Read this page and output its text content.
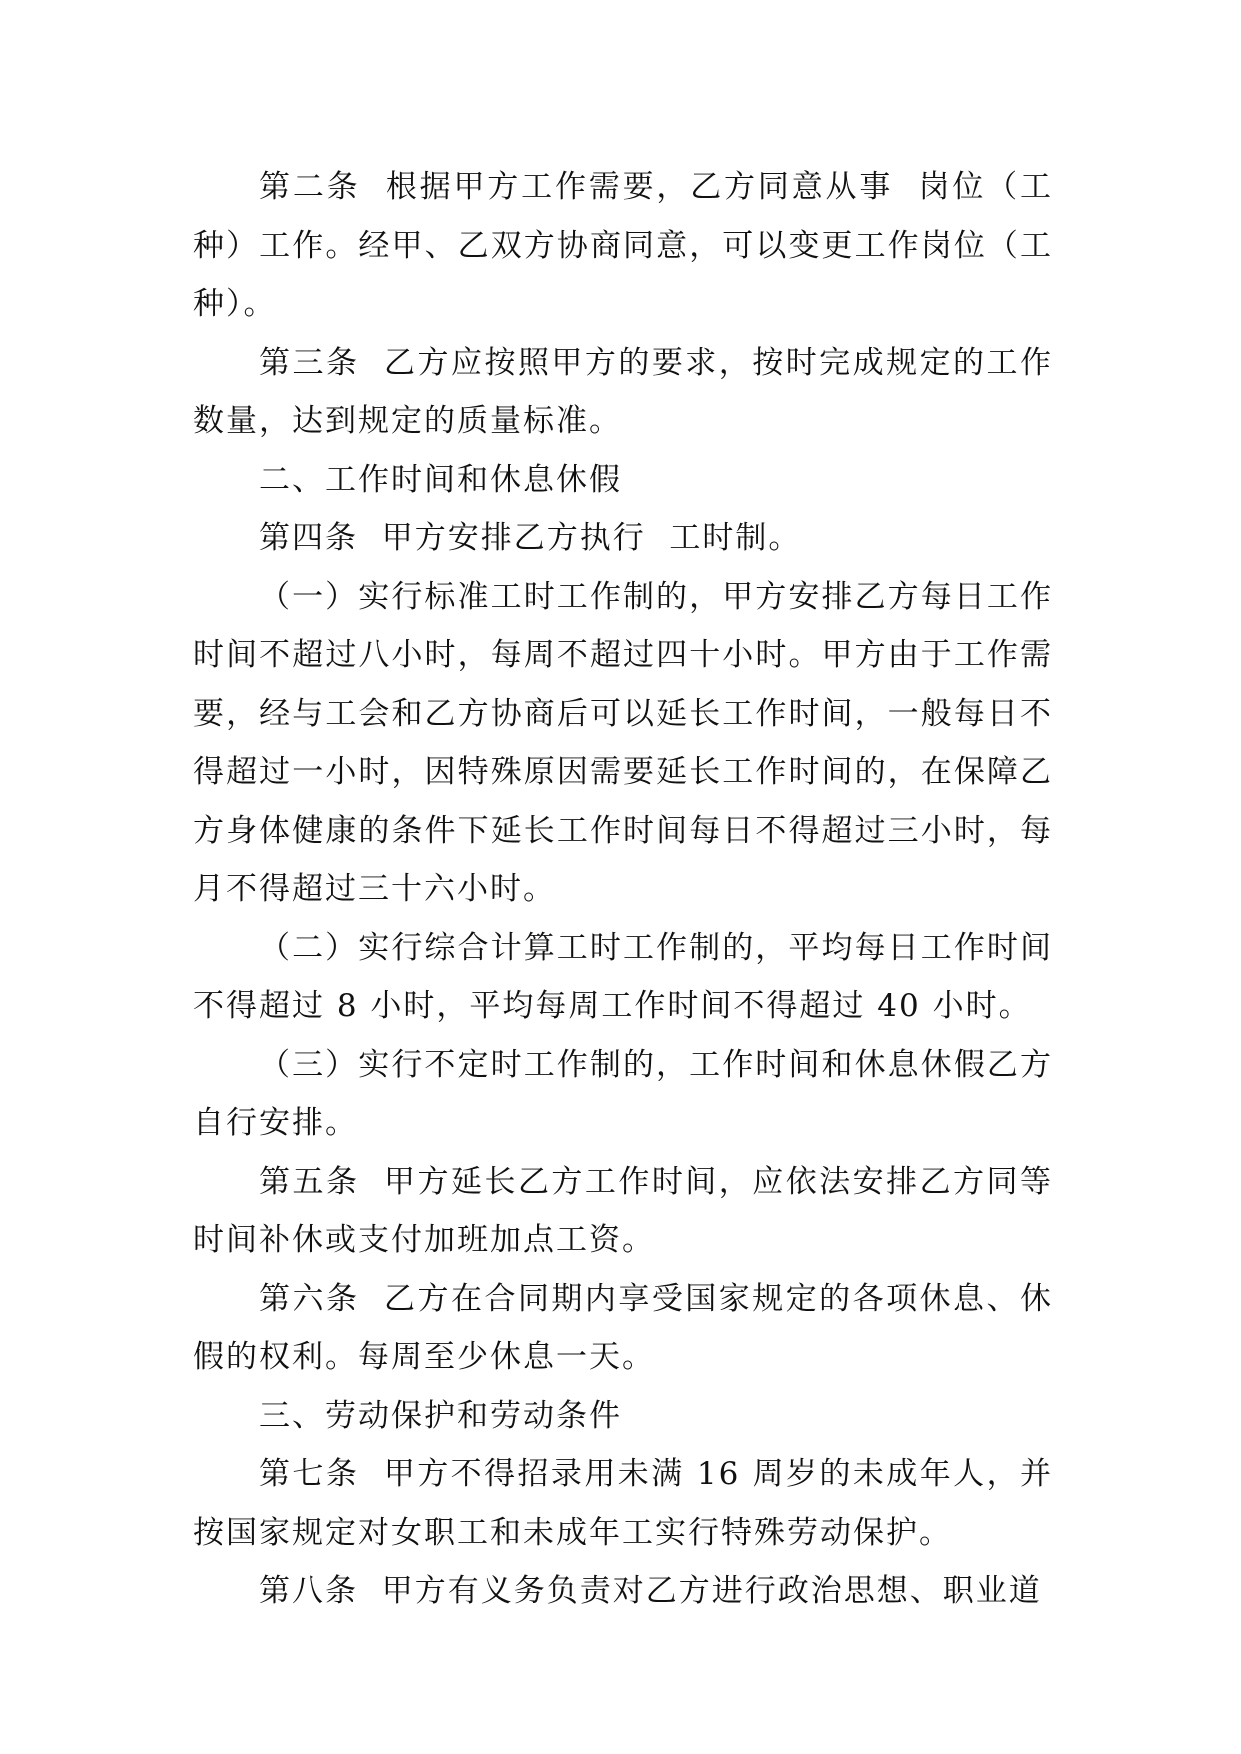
第二条  根据甲方工作需要，乙方同意从事  岗位（工种）工作。经甲、乙双方协商同意，可以变更工作岗位（工种）。

第三条  乙方应按照甲方的要求，按时完成规定的工作数量，达到规定的质量标准。

二、工作时间和休息休假

第四条  甲方安排乙方执行  工时制。

（一）实行标准工时工作制的，甲方安排乙方每日工作时间不超过八小时，每周不超过四十小时。甲方由于工作需要，经与工会和乙方协商后可以延长工作时间，一般每日不得超过一小时，因特殊原因需要延长工作时间的，在保障乙方身体健康的条件下延长工作时间每日不得超过三小时，每月不得超过三十六小时。

（二）实行综合计算工时工作制的，平均每日工作时间不得超过 8 小时，平均每周工作时间不得超过 40 小时。

（三）实行不定时工作制的，工作时间和休息休假乙方自行安排。

第五条  甲方延长乙方工作时间，应依法安排乙方同等时间补休或支付加班加点工资。

第六条  乙方在合同期内享受国家规定的各项休息、休假的权利。每周至少休息一天。

三、劳动保护和劳动条件

第七条  甲方不得招录用未满 16 周岁的未成年人，并按国家规定对女职工和未成年工实行特殊劳动保护。

第八条  甲方有义务负责对乙方进行政治思想、职业道
